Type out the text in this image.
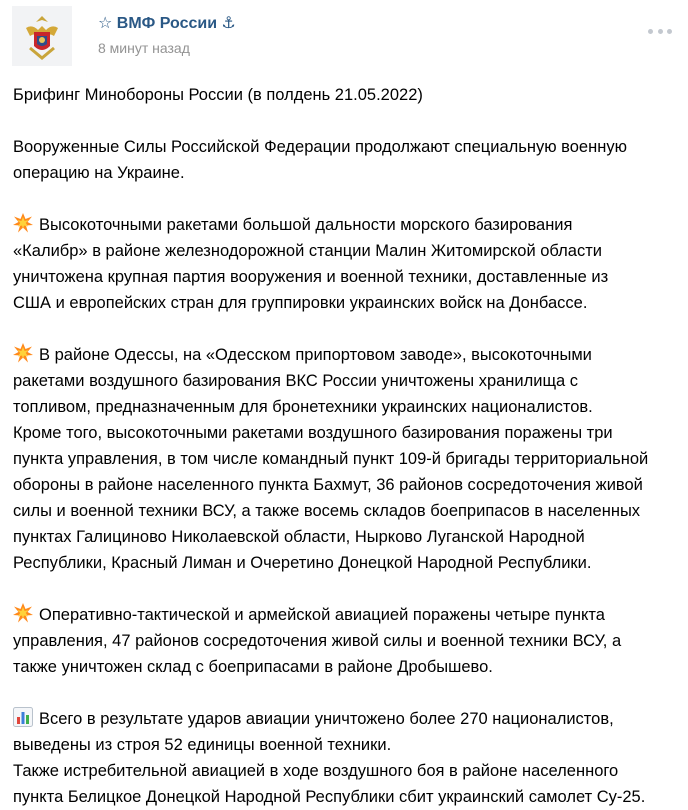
☆ ВМФ России ⚓
8 минут назад
Брифинг Минобороны России (в полдень 21.05.2022)
Вооруженные Силы Российской Федерации продолжают специальную военную
операцию на Украине.
Высокоточными ракетами большой дальности морского базирования
«Калибр» в районе железнодорожной станции Малин Житомирской области
уничтожена крупная партия вооружения и военной техники, доставленные из
США и европейских стран для группировки украинских войск на Донбассе.
В районе Одессы, на «Одесском припортовом заводе», высокоточными
ракетами воздушного базирования ВКС России уничтожены хранилища с
топливом, предназначенным для бронетехники украинских националистов.
Кроме того, высокоточными ракетами воздушного базирования поражены три
пункта управления, в том числе командный пункт 109-й бригады территориальной
обороны в районе населенного пункта Бахмут, 36 районов сосредоточения живой
силы и военной техники ВСУ, а также восемь складов боеприпасов в населенных
пунктах Галициново Николаевской области, Нырково Луганской Народной
Республики, Красный Лиман и Очеретино Донецкой Народной Республики.
Оперативно-тактической и армейской авиацией поражены четыре пункта
управления, 47 районов сосредоточения живой силы и военной техники ВСУ, а
также уничтожен склад с боеприпасами в районе Дробышево.
Всего в результате ударов авиации уничтожено более 270 националистов,
выведены из строя 52 единицы военной техники.
Также истребительной авиацией в ходе воздушного боя в районе населенного
пункта Белицкое Донецкой Народной Республики сбит украинский самолет Су-25.
